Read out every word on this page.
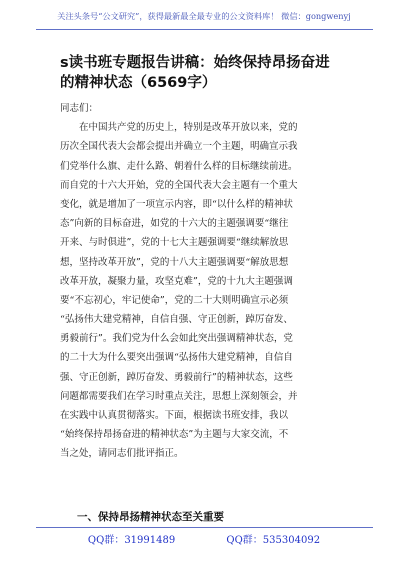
关注头条号“公文研究”，获得最新最全最专业的公文资料库！ 微信：gongwenyj
s读书班专题报告讲稿：始终保持昂扬奋进
的精神状态（6569字）
同志们：
　　在中国共产党的历史上，特别是改革开放以来，党的
历次全国代表大会都会提出并确立一个主题，明确宣示我
们党举什么旗、走什么路、朝着什么样的目标继续前进。
而自党的十六大开始，党的全国代表大会主题有一个重大
变化，就是增加了一项宣示内容，即“以什么样的精神状
态”向新的目标奋进，如党的十六大的主题强调要“继往
开来、与时俱进”，党的十七大主题强调要“继续解放思
想，坚持改革开放”，党的十八大主题强调要“解放思想
改革开放，凝聚力量，攻坚克难”，党的十九大主题强调
要“不忘初心，牢记使命”，党的二十大则明确宣示必须
“弘扬伟大建党精神，自信自强、守正创新，踔厉奋发、
勇毅前行”。我们党为什么会如此突出强调精神状态，党
的二十大为什么要突出强调“弘扬伟大建党精神，自信自
强、守正创新，踔厉奋发、勇毅前行”的精神状态，这些
问题都需要我们在学习时重点关注，思想上深刻领会，并
在实践中认真贯彻落实。下面，根据读书班安排，我以
“始终保持昂扬奋进的精神状态”为主题与大家交流，不
当之处，请同志们批评指正。
一、保持昂扬精神状态至关重要
QQ群：31991489	QQ群：535304092
